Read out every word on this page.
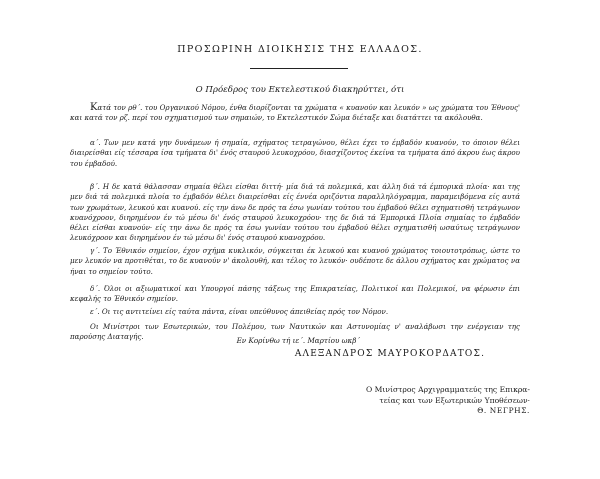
ΠΡΟΣΩΡΙΝΗ ΔΙΟΙΚΗΣΙΣ ΤΗΣ ΕΛΛΑΔΟΣ.
Ο Πρόεδρος του Εκτελεστικού διακηρύττει, ότι

Κατά τον ρθ΄. του Οργανικού Νόμου, ένθα διορίζονται τα χρώματα « κυανούν και λευκόν » ως χρώματα του Έθνους' και κατά τον ρζ. περί του σχηματισμού των σημαιών, το Εκτελεστικόν Σώμα διέταξε και διατάττει τα ακόλουθα.

α΄. Των μεν κατά γην δυνάμεων ή σημαία, σχήματος τετραγώνου, θέλει έχει το έμβαδόν κυανούν, το όποιον θέλει διαιρείσθαι είς τέσσαρα ίσα τμήματα δι' ένός σταυρού λευκοχρόου, διασχίζοντος έκείνα τα τμήματα άπό άκρου έως άκρου του έμβαδού.

β΄. Η δε κατά θάλασσαν σημαία θέλει είσθαι διττή· μία διά τά πολεμικά, και άλλη διά τά έμπορικά πλοία· και της μεν διά τά πολεμικά πλοία το έμβαδόν θέλει διαιρείσθαι είς έννέα οριζόντια παραλληλόγραμμα, παραμειβόμενα είς αυτά των χρωμάτων, λευκού και κυανού. είς την άνω δε πρός τα έσω γωνίαν τούτου του έμβαδού θέλει σχηματισθή τετράγωνον κυανόχροον, διηρημένον έν τώ μέσω δι' ένός σταυρού λευκοχρόου· της δε διά τά Έμπορικά Πλοία σημαίας το έμβαδόν θέλει είσθαι κυανούν· είς την άνω δε πρός τα έσω γωνίαν τούτου του έμβαδού θέλει σχηματισθή ωσαύτως τετράγωνον λευκόχροον και διηρημένον έν τώ μέσω δι' ένός σταυρού κυανοχρόου.

γ΄. Το Έθνικόν σημείον, έχον σχήμα κυκλικόν, σύγκειται έκ λευκού και κυανού χρώματος τοιουτοτρόπως, ώστε το μεν λευκόν να προτιθέται, το δε κυανούν ν' άκολουθή, και τέλος το λευκόν· ουδέποτε δε άλλου σχήματος και χρώματος να ήναι το σημείον τούτο.

δ΄. Όλοι οι αξιωματικοί και Υπουργοί πάσης τάξεως της Επικρατείας, Πολιτικοί και Πολεμικοί, να φέρωσιν έπι κεφαλής το Έθνικόν σημείον.

ε΄. Οι τις αντιτείνει είς ταύτα πάντα, είναι υπεύθυνος άπειθείας πρός τον Νόμον.

Οι Μινίστροι των Εσωτερικών, του Πολέμου, των Ναυτικών και Αστυνομίας ν' αναλάβωσι την ενέργειαν της παρούσης Διαταγής.	Εν Κορίνθω τή ιε΄. Μαρτίου ωκβ΄
ΑΛΕΞΑΝΔΡΟΣ ΜΑΥΡΟΚΟΡΔΑΤΟΣ.
Ο Μινίστρος Αρχιγραμματεύς της Επικρα-
τείας και των Εξωτερικών Υποθέσεων·
Θ. ΝΕΓΡΗΣ.
